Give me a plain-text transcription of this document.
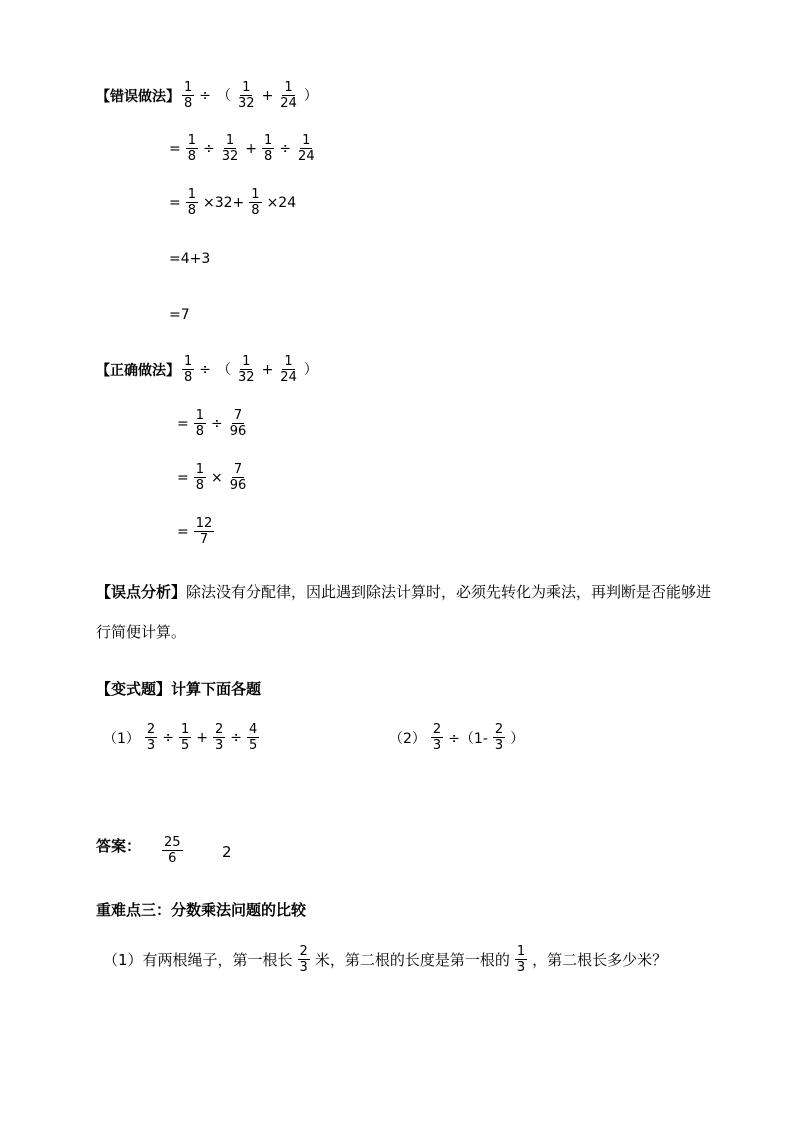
【错误做法】 $\frac{1}{8}$ ÷ （ $\frac{1}{32} + \frac{1}{24}$ ）
= $\frac{1}{8} \div \frac{1}{32} + \frac{1}{8} \div \frac{1}{24}$
= $\frac{1}{8} \times 32+ \frac{1}{8} \times 24$
=4+3
=7
【正确做法】 $\frac{1}{8}$ ÷ （ $\frac{1}{32} + \frac{1}{24}$ ）
= $\frac{1}{8} \div \frac{7}{96}$
= $\frac{1}{8} \times \frac{7}{96}$
= $\frac{12}{7}$
【误点分析】除法没有分配律，因此遇到除法计算时，必须先转化为乘法，再判断是否能够进行简便计算。
【变式题】 计算下面各题
$(1) \frac{2}{3} \div \frac{1}{5} + \frac{2}{3} \div \frac{4}{5}$	$(2) \frac{2}{3} \div(1- \frac{2}{3}$ ）
答案： $\frac{25}{6}$	2
重难点三：分数乘法问题的比较
（1）有两根绳子，第一根长 $\frac{2}{3}$ 米，第二根的长度是第一根的 $\frac{1}{3}$ ，第二根长多少米？
